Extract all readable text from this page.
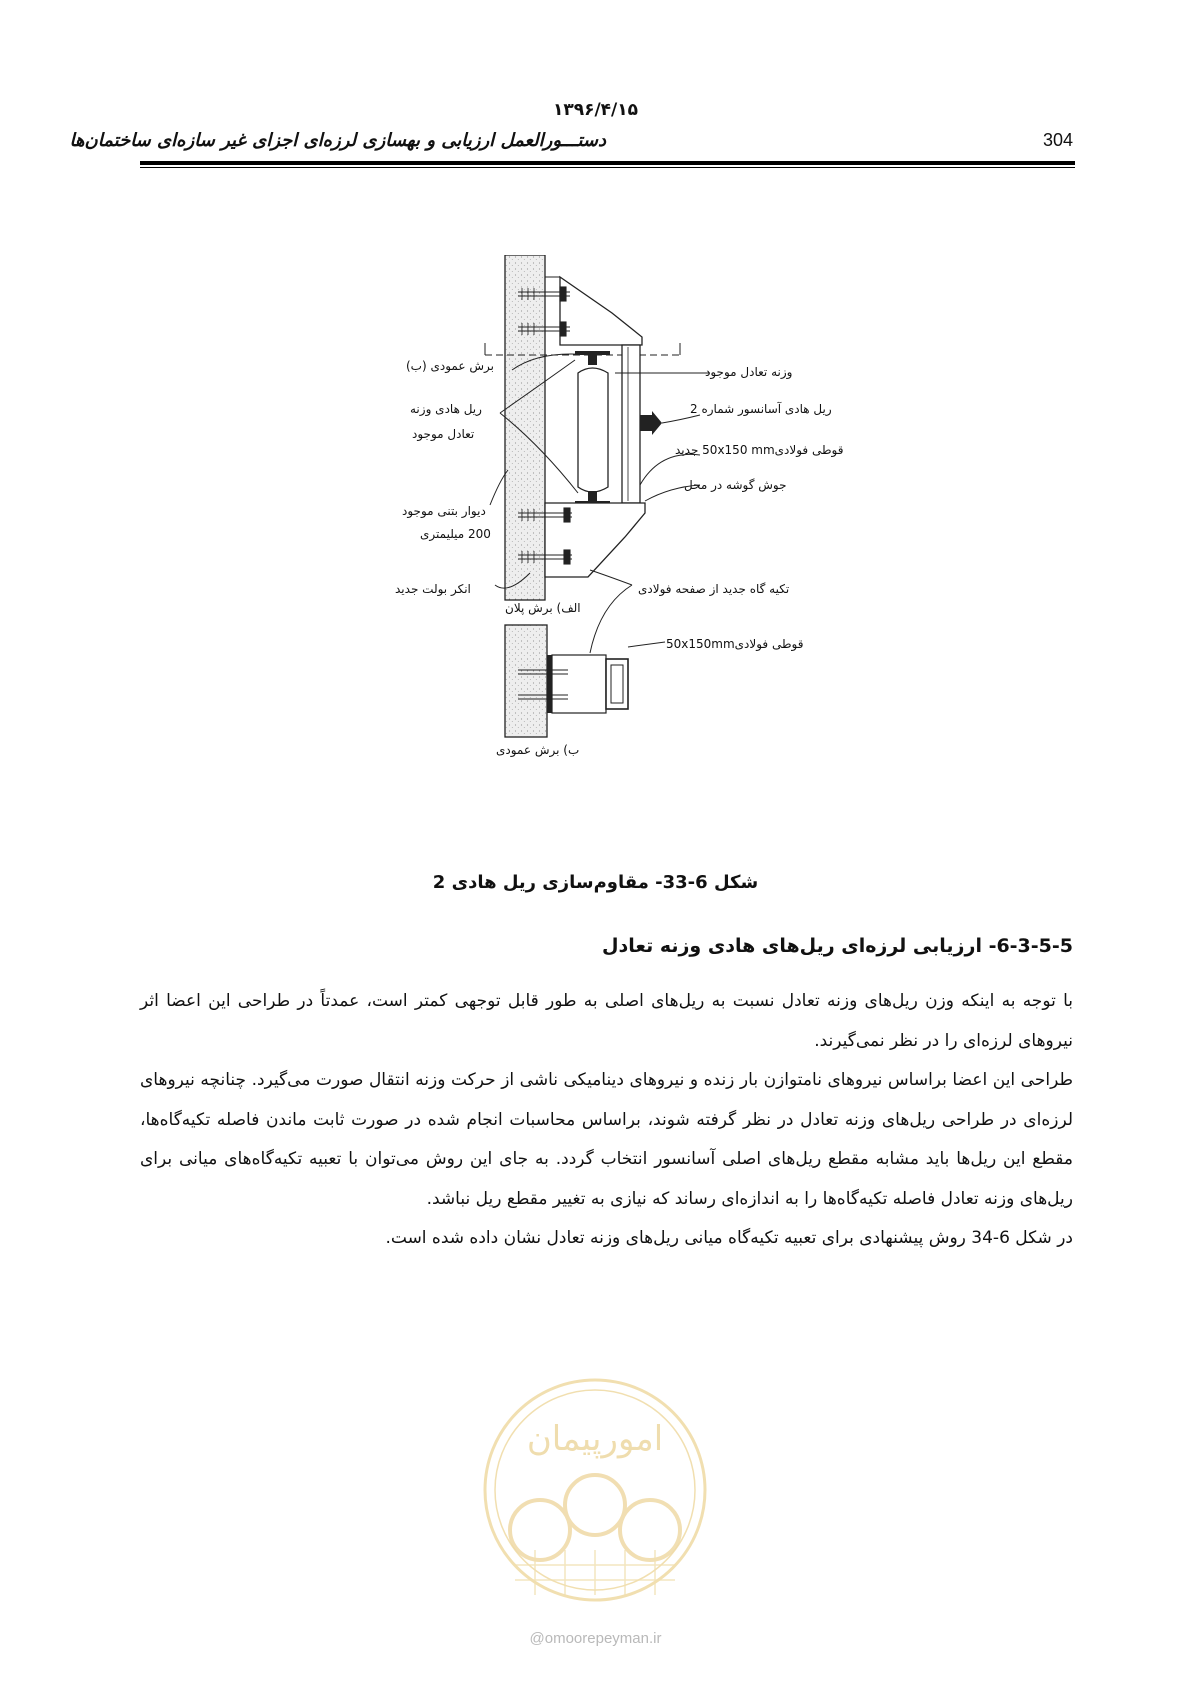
۱۳۹۶/۴/۱۵
دستـــورالعمل ارزیابی و بهسازی لرزه‌ای اجزای غیر سازه‌ای ساختمان‌ها	304
برش عمودی (ب)	وزنه تعادل موجود
ریل هادی وزنه
تعادل موجود
ریل هادی آسانسور شماره 2
قوطی فولادی50x150 mm جدید
جوش گوشه در محل
دیوار بتنی موجود
200 میلیمتری
انکر بولت جدید	تکیه گاه جدید از صفحه فولادی
الف) برش پلان
قوطی فولادی50x150mm
ب) برش عمودی
شکل 6-33- مقاوم‌سازی ریل هادی 2
6-3-5-5- ارزیابی لرزه‌ای ریل‌های هادی وزنه تعادل

با توجه به اینکه وزن ریل‌های وزنه تعادل نسبت به ریل‌های اصلی به طور قابل توجهی کمتر است، عمدتاً در طراحی این اعضا اثر نیروهای لرزه‌ای را در نظر نمی‌گیرند.

طراحی این اعضا براساس نیروهای نامتوازن بار زنده و نیروهای دینامیکی ناشی از حرکت وزنه انتقال صورت می‌گیرد. چنانچه نیروهای لرزه‌ای در طراحی ریل‌های وزنه تعادل در نظر گرفته شوند، براساس محاسبات انجام شده در صورت ثابت ماندن فاصله تکیه‌گاه‌ها، مقطع این ریل‌ها باید مشابه مقطع ریل‌های اصلی آسانسور انتخاب گردد. به جای این روش می‌توان با تعبیه تکیه‌گاه‌های میانی برای ریل‌های وزنه تعادل فاصله تکیه‌گاه‌ها را به اندازه‌ای رساند که نیازی به تغییر مقطع ریل نباشد.

در شکل 6-34 روش پیشنهادی برای تعبیه تکیه‌گاه میانی ریل‌های وزنه تعادل نشان داده شده است.

امورپیمان
@omoorepeyman.ir
